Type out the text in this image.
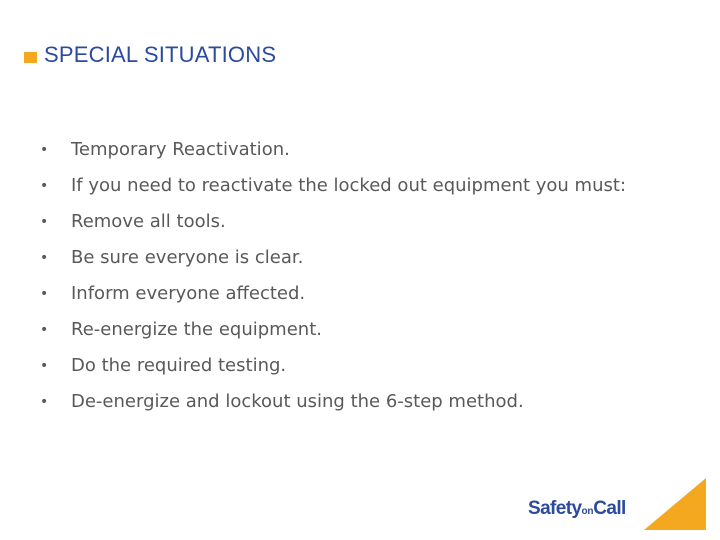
SPECIAL SITUATIONS
• Temporary Reactivation.
• If you need to reactivate the locked out equipment you must:
• Remove all tools.
• Be sure everyone is clear.
• Inform everyone affected.
• Re-energize the equipment.
• Do the required testing.
• De-energize and lockout using the 6-step method.
SafetyonCall
